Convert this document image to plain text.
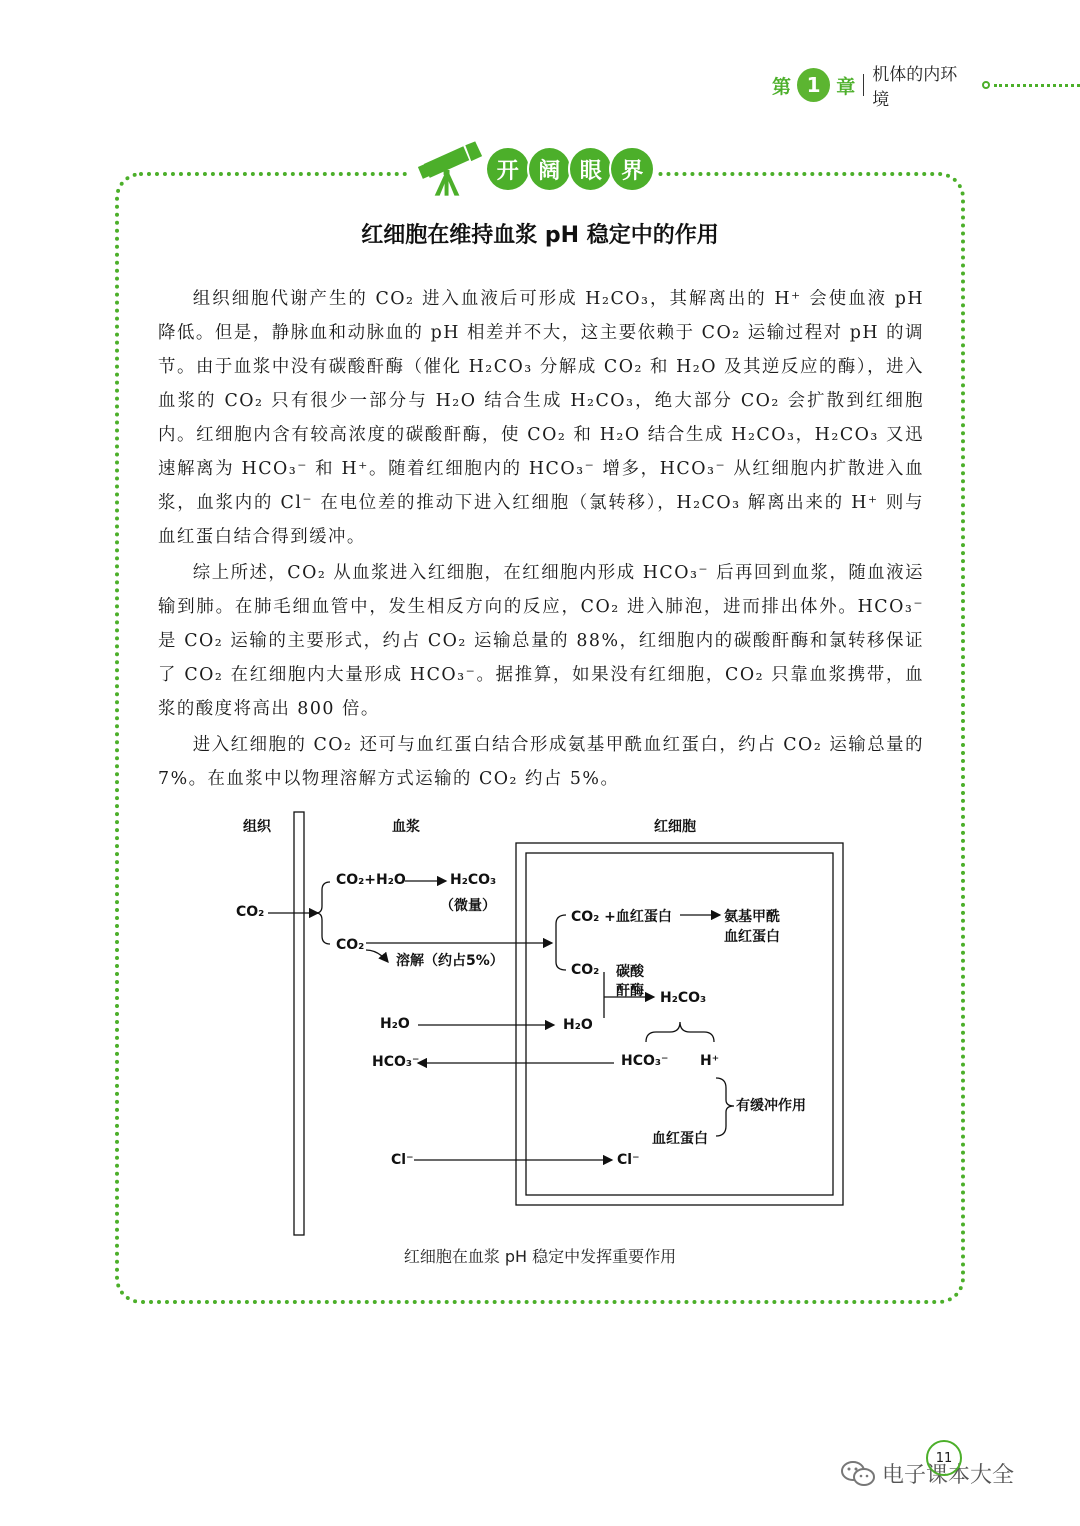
第 1 章
机体的内环境
开 阔 眼 界
红细胞在维持血浆 pH 稳定中的作用

组织细胞代谢产生的 CO₂ 进入血液后可形成 H₂CO₃，其解离出的 H⁺ 会使血液 pH 降低。但是，静脉血和动脉血的 pH 相差并不大，这主要依赖于 CO₂ 运输过程对 pH 的调节。由于血浆中没有碳酸酐酶（催化 H₂CO₃ 分解成 CO₂ 和 H₂O 及其逆反应的酶），进入血浆的 CO₂ 只有很少一部分与 H₂O 结合生成 H₂CO₃，绝大部分 CO₂ 会扩散到红细胞内。红细胞内含有较高浓度的碳酸酐酶，使 CO₂ 和 H₂O 结合生成 H₂CO₃，H₂CO₃ 又迅速解离为 HCO₃⁻ 和 H⁺。随着红细胞内的 HCO₃⁻ 增多，HCO₃⁻ 从红细胞内扩散进入血浆，血浆内的 Cl⁻ 在电位差的推动下进入红细胞（氯转移），H₂CO₃ 解离出来的 H⁺ 则与血红蛋白结合得到缓冲。

综上所述，CO₂ 从血浆进入红细胞，在红细胞内形成 HCO₃⁻ 后再回到血浆，随血液运输到肺。在肺毛细血管中，发生相反方向的反应，CO₂ 进入肺泡，进而排出体外。HCO₃⁻ 是 CO₂ 运输的主要形式，约占 CO₂ 运输总量的 88%，红细胞内的碳酸酐酶和氯转移保证了 CO₂ 在红细胞内大量形成 HCO₃⁻。据推算，如果没有红细胞，CO₂ 只靠血浆携带，血浆的酸度将高出 800 倍。

进入红细胞的 CO₂ 还可与血红蛋白结合形成氨基甲酰血红蛋白，约占 CO₂ 运输总量的 7%。在血浆中以物理溶解方式运输的 CO₂ 约占 5%。

组织	血浆	红细胞
CO₂
CO₂+H₂O	H₂CO₃
（微量）
CO₂
溶解（约占5%）
CO₂ +血红蛋白	氨基甲酰
血红蛋白
CO₂ 碳酸
酐酶 H₂CO₃
H₂O	H₂O
HCO₃⁻	HCO₃⁻ H⁺
有缓冲作用
血红蛋白
Cl⁻	Cl⁻
红细胞在血浆 pH 稳定中发挥重要作用
电子课本大全
11
